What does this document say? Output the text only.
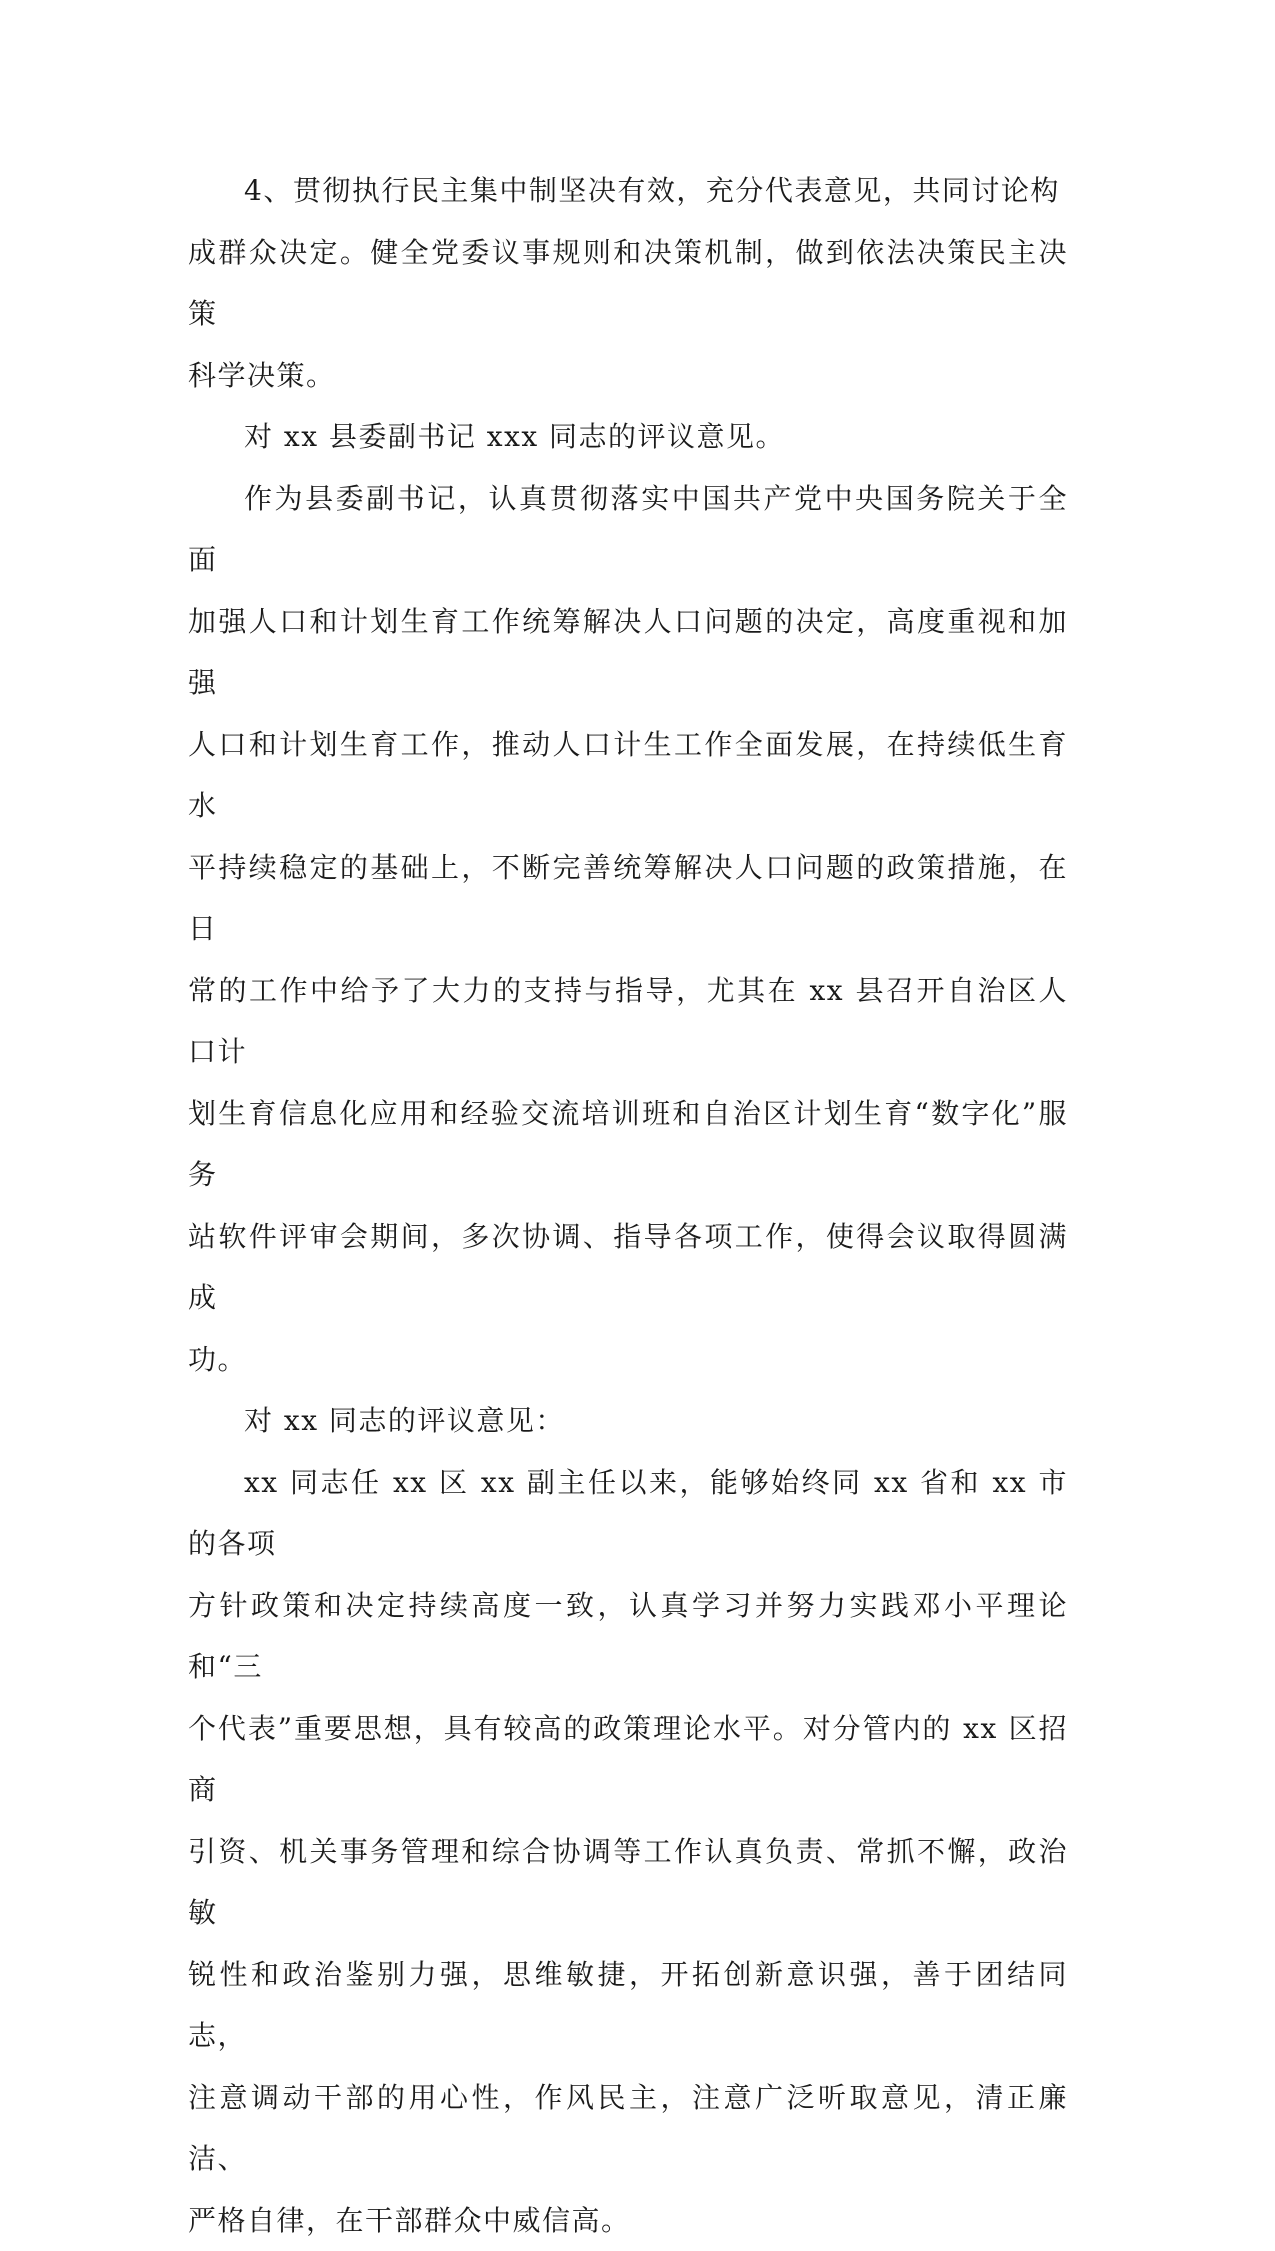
4、贯彻执行民主集中制坚决有效，充分代表意见，共同讨论构
成群众决定。健全党委议事规则和决策机制，做到依法决策民主决策
科学决策。

对 xx 县委副书记 xxx 同志的评议意见。

作为县委副书记，认真贯彻落实中国共产党中央国务院关于全面
加强人口和计划生育工作统筹解决人口问题的决定，高度重视和加强
人口和计划生育工作，推动人口计生工作全面发展，在持续低生育水
平持续稳定的基础上，不断完善统筹解决人口问题的政策措施，在日
常的工作中给予了大力的支持与指导，尤其在 xx 县召开自治区人口计
划生育信息化应用和经验交流培训班和自治区计划生育“数字化”服务
站软件评审会期间，多次协调、指导各项工作，使得会议取得圆满成
功。

对 xx 同志的评议意见：

xx 同志任 xx 区 xx 副主任以来，能够始终同 xx 省和 xx 市的各项
方针政策和决定持续高度一致，认真学习并努力实践邓小平理论和“三
个代表”重要思想，具有较高的政策理论水平。对分管内的 xx 区招商
引资、机关事务管理和综合协调等工作认真负责、常抓不懈，政治敏
锐性和政治鉴别力强，思维敏捷，开拓创新意识强，善于团结同志，
注意调动干部的用心性，作风民主，注意广泛听取意见，清正廉洁、
严格自律，在干部群众中威信高。
